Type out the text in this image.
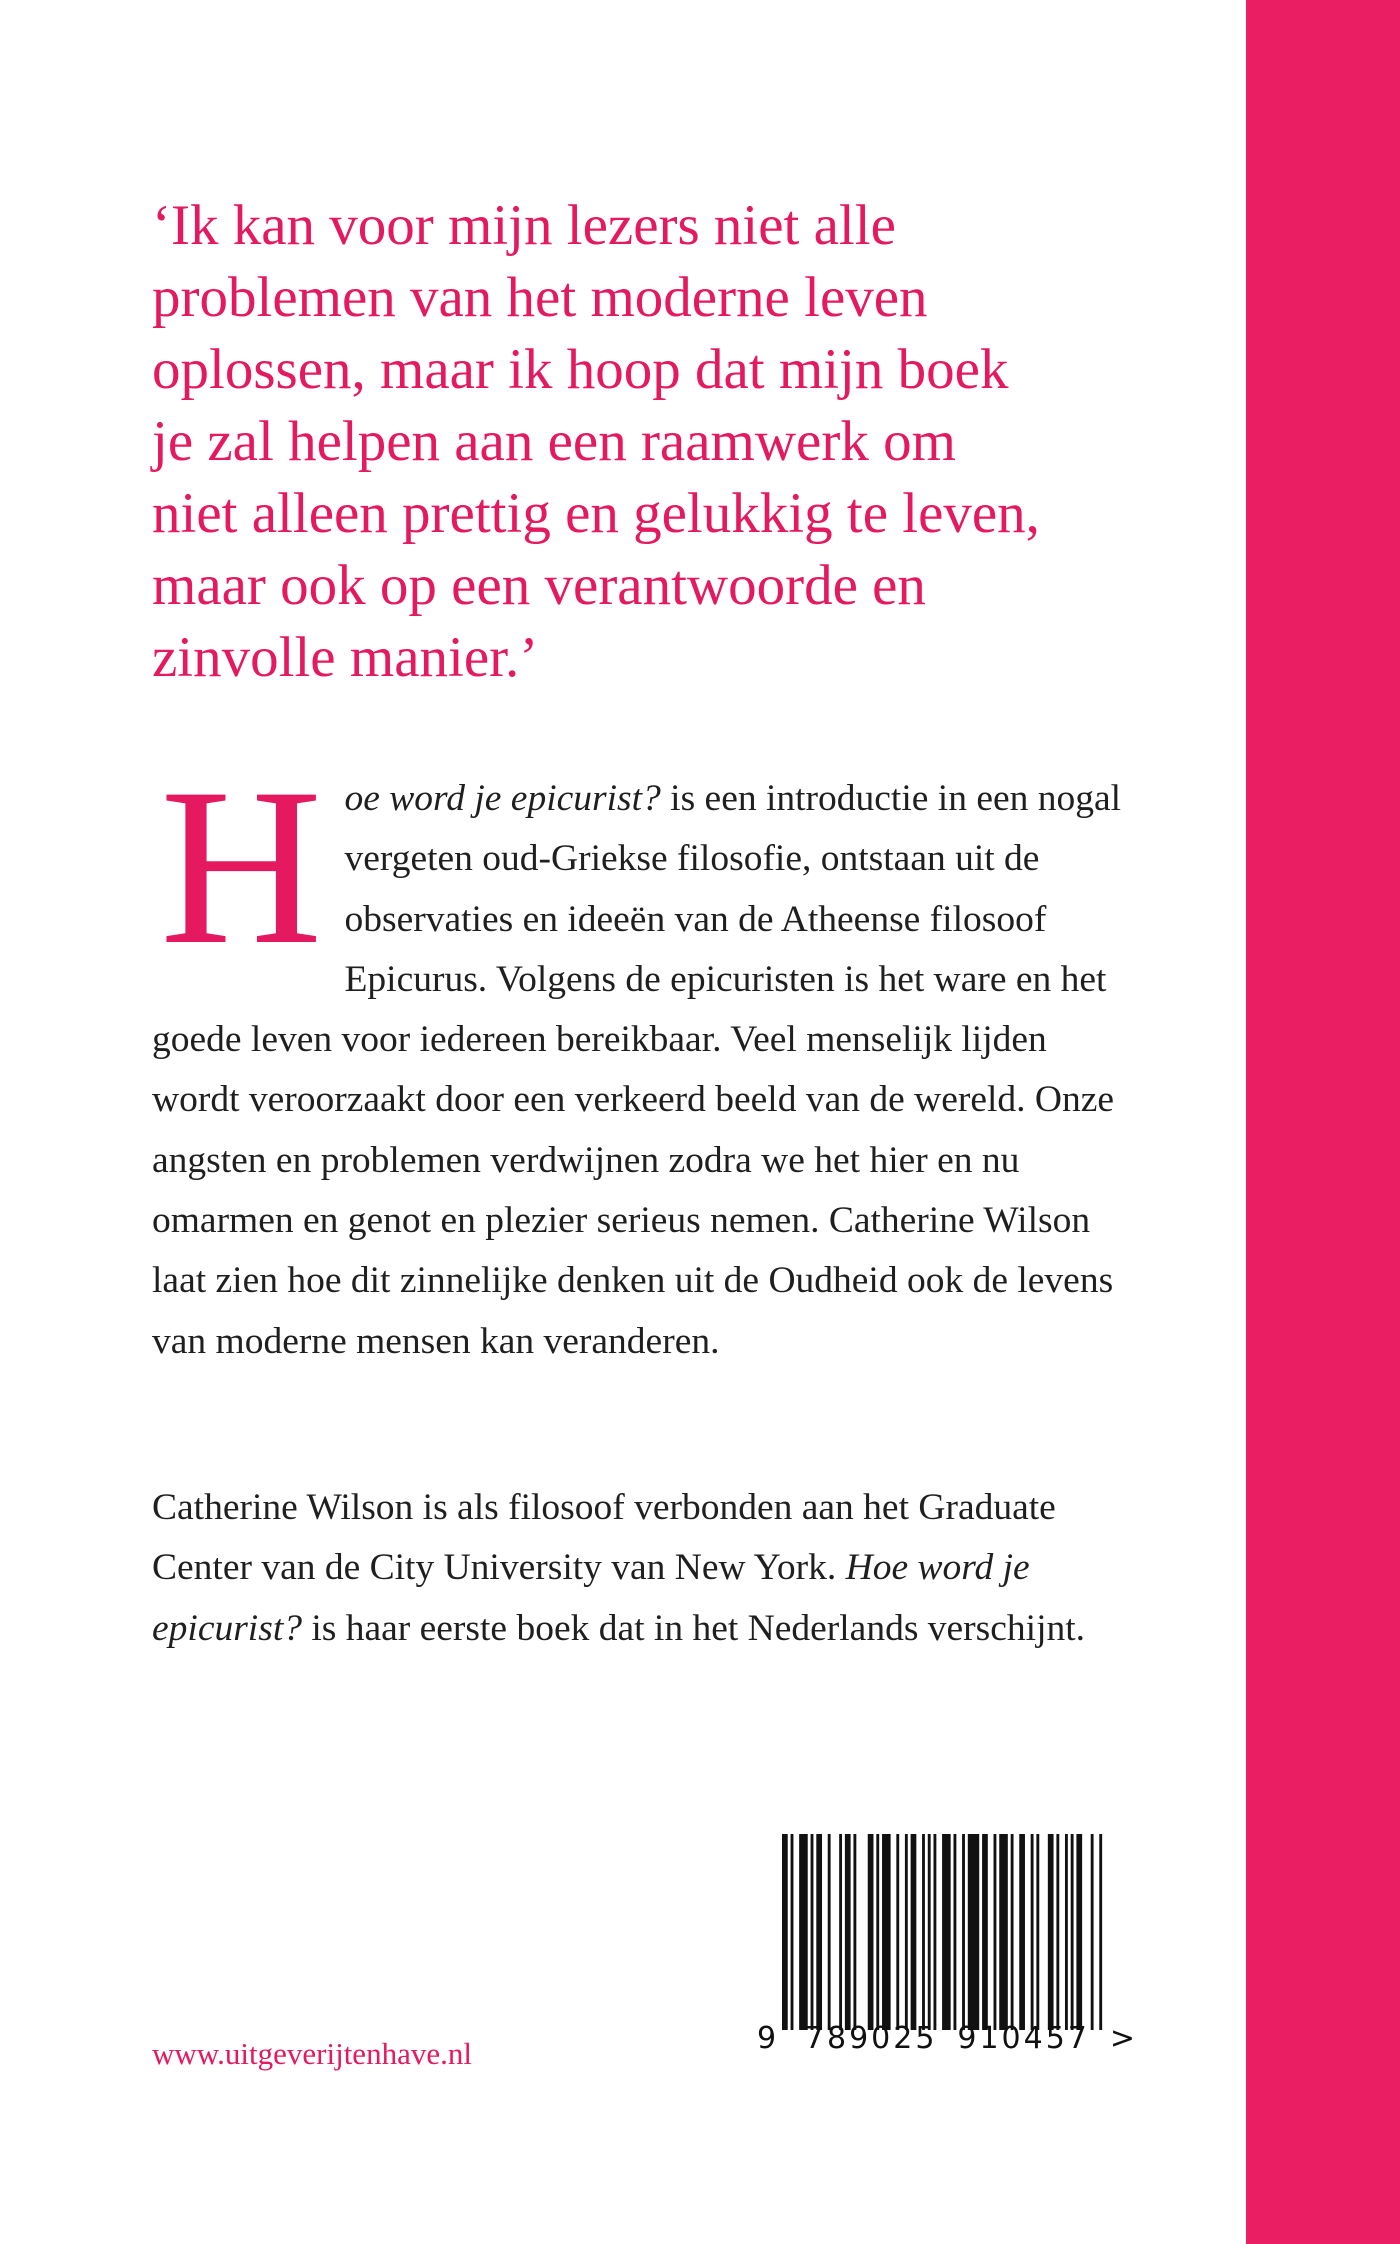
‘Ik kan voor mijn lezers niet alle
problemen van het moderne leven
oplossen, maar ik hoop dat mijn boek
je zal helpen aan een raamwerk om
niet alleen prettig en gelukkig te leven,
maar ook op een verantwoorde en
zinvolle manier.’

Hoe word je epicurist? is een introductie in een nogal vergeten oud-Griekse filosofie, ontstaan uit de observaties en ideeën van de Atheense filosoof Epicurus. Volgens de epicuristen is het ware en het goede leven voor iedereen bereikbaar. Veel menselijk lijden wordt veroorzaakt door een verkeerd beeld van de wereld. Onze angsten en problemen verdwijnen zodra we het hier en nu omarmen en genot en plezier serieus nemen. Catherine Wilson laat zien hoe dit zinnelijke denken uit de Oudheid ook de levens van moderne mensen kan veranderen.

Catherine Wilson is als filosoof verbonden aan het Graduate Center van de City University van New York. Hoe word je epicurist? is haar eerste boek dat in het Nederlands verschijnt.

www.uitgeverijtenhave.nl	9 789025 910457 >
